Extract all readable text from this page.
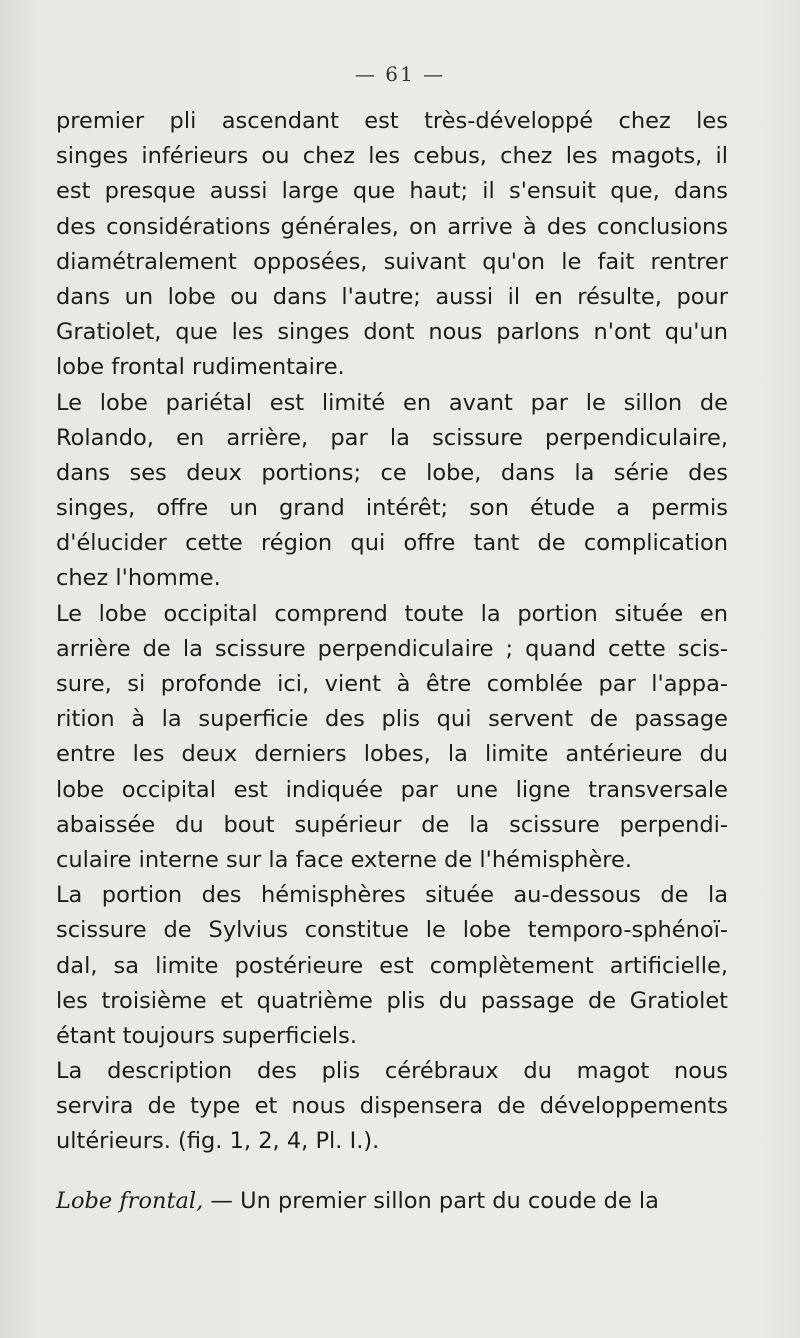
— 61 —
premier pli ascendant est très-développé chez les
singes inférieurs ou chez les cebus, chez les magots, il
est presque aussi large que haut; il s'ensuit que, dans
des considérations générales, on arrive à des conclusions
diamétralement opposées, suivant qu'on le fait rentrer
dans un lobe ou dans l'autre; aussi il en résulte, pour
Gratiolet, que les singes dont nous parlons n'ont qu'un
lobe frontal rudimentaire.
Le lobe pariétal est limité en avant par le sillon de
Rolando, en arrière, par la scissure perpendiculaire,
dans ses deux portions; ce lobe, dans la série des
singes, offre un grand intérêt; son étude a permis
d'élucider cette région qui offre tant de complication
chez l'homme.
Le lobe occipital comprend toute la portion située en
arrière de la scissure perpendiculaire ; quand cette scis-
sure, si profonde ici, vient à être comblée par l'appa-
rition à la superficie des plis qui servent de passage
entre les deux derniers lobes, la limite antérieure du
lobe occipital est indiquée par une ligne transversale
abaissée du bout supérieur de la scissure perpendi-
culaire interne sur la face externe de l'hémisphère.
La portion des hémisphères située au-dessous de la
scissure de Sylvius constitue le lobe temporo-sphénoï-
dal, sa limite postérieure est complètement artificielle,
les troisième et quatrième plis du passage de Gratiolet
étant toujours superficiels.
La description des plis cérébraux du magot nous
servira de type et nous dispensera de développements
ultérieurs. (fig. 1, 2, 4, Pl. I.).
Lobe frontal, — Un premier sillon part du coude de la
